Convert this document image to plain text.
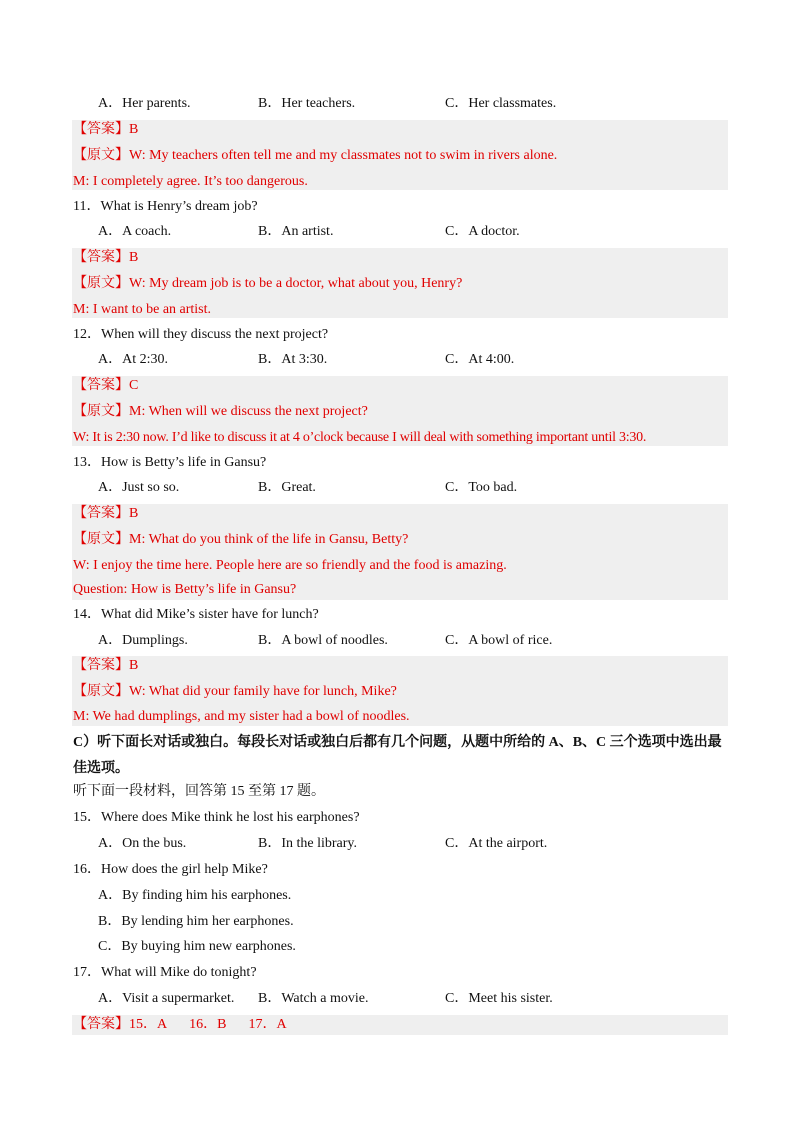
A．Her parents.	B．Her teachers.	C．Her classmates.
【答案】B
【原文】W: My teachers often tell me and my classmates not to swim in rivers alone.
M: I completely agree. It’s too dangerous.
11．What is Henry’s dream job?
A．A coach.	B．An artist.	C．A doctor.
【答案】B
【原文】W: My dream job is to be a doctor, what about you, Henry?
M: I want to be an artist.
12．When will they discuss the next project?
A．At 2:30.	B．At 3:30.	C．At 4:00.
【答案】C
【原文】M: When will we discuss the next project?
W: It is 2:30 now. I’d like to discuss it at 4 o’clock because I will deal with something important until 3:30.
13．How is Betty’s life in Gansu?
A．Just so so.	B．Great.	C．Too bad.
【答案】B
【原文】M: What do you think of the life in Gansu, Betty?
W: I enjoy the time here. People here are so friendly and the food is amazing.
Question: How is Betty’s life in Gansu?
14．What did Mike’s sister have for lunch?
A．Dumplings.	B．A bowl of noodles.	C．A bowl of rice.
【答案】B
【原文】W: What did your family have for lunch, Mike?
M: We had dumplings, and my sister had a bowl of noodles.
C）听下面长对话或独白。每段长对话或独白后都有几个问题，从题中所给的 A、B、C 三个选项中选出最佳选项。
听下面一段材料，回答第 15 至第 17 题。
15．Where does Mike think he lost his earphones?
A．On the bus.	B．In the library.	C．At the airport.
16．How does the girl help Mike?
A．By finding him his earphones.
B．By lending him her earphones.
C．By buying him new earphones.
17．What will Mike do tonight?
A．Visit a supermarket. B．Watch a movie.	C．Meet his sister.
【答案】15．A 16．B 17．A
